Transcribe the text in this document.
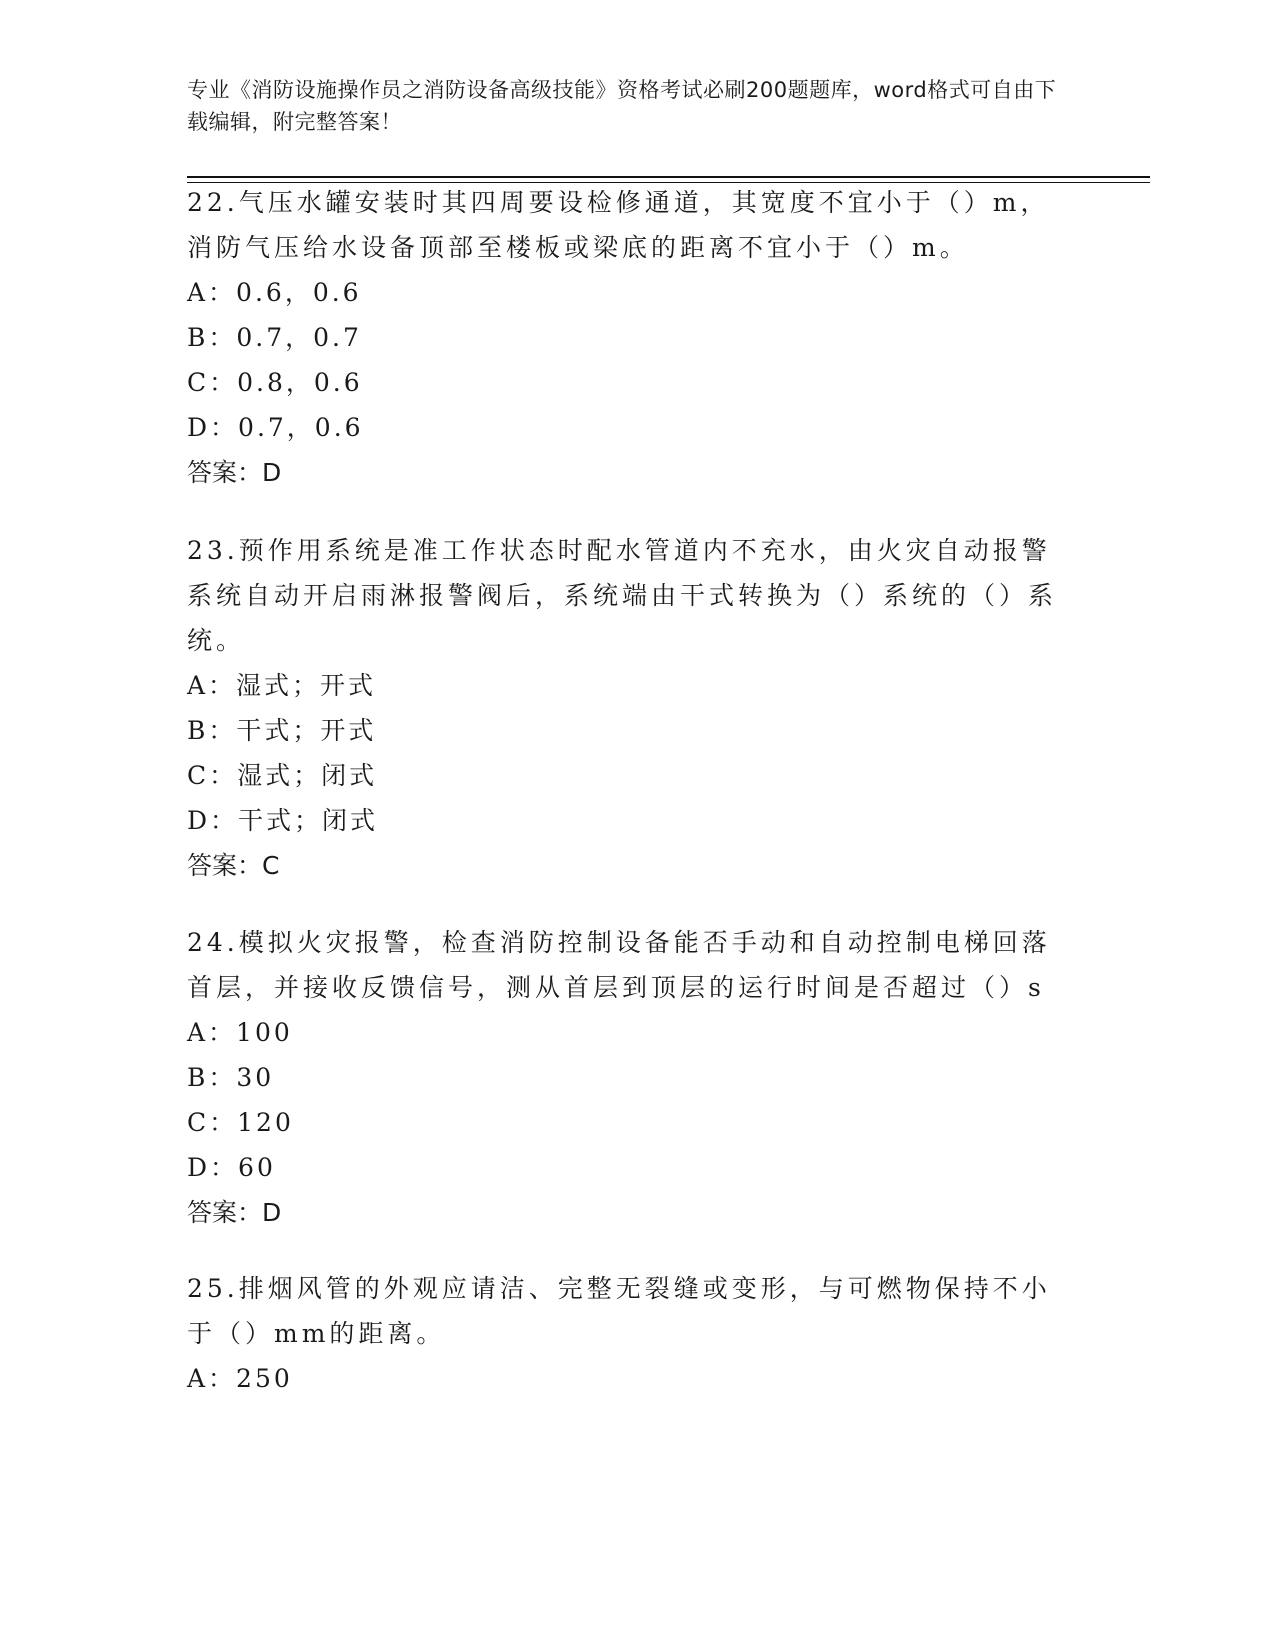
专业《消防设施操作员之消防设备高级技能》资格考试必刷200题题库，word格式可自由下载编辑，附完整答案！
22.气压水罐安装时其四周要设检修通道，其宽度不宜小于（）m，消防气压给水设备顶部至楼板或梁底的距离不宜小于（）m。
A：0.6，0.6
B：0.7，0.7
C：0.8，0.6
D：0.7，0.6
答案：D
23.预作用系统是准工作状态时配水管道内不充水，由火灾自动报警系统自动开启雨淋报警阀后，系统端由干式转换为（）系统的（）系统。
A：湿式；开式
B：干式；开式
C：湿式；闭式
D：干式；闭式
答案：C
24.模拟火灾报警，检查消防控制设备能否手动和自动控制电梯回落首层，并接收反馈信号，测从首层到顶层的运行时间是否超过（）s
A：100
B：30
C：120
D：60
答案：D
25.排烟风管的外观应请洁、完整无裂缝或变形，与可燃物保持不小于（）mm的距离。
A：250
